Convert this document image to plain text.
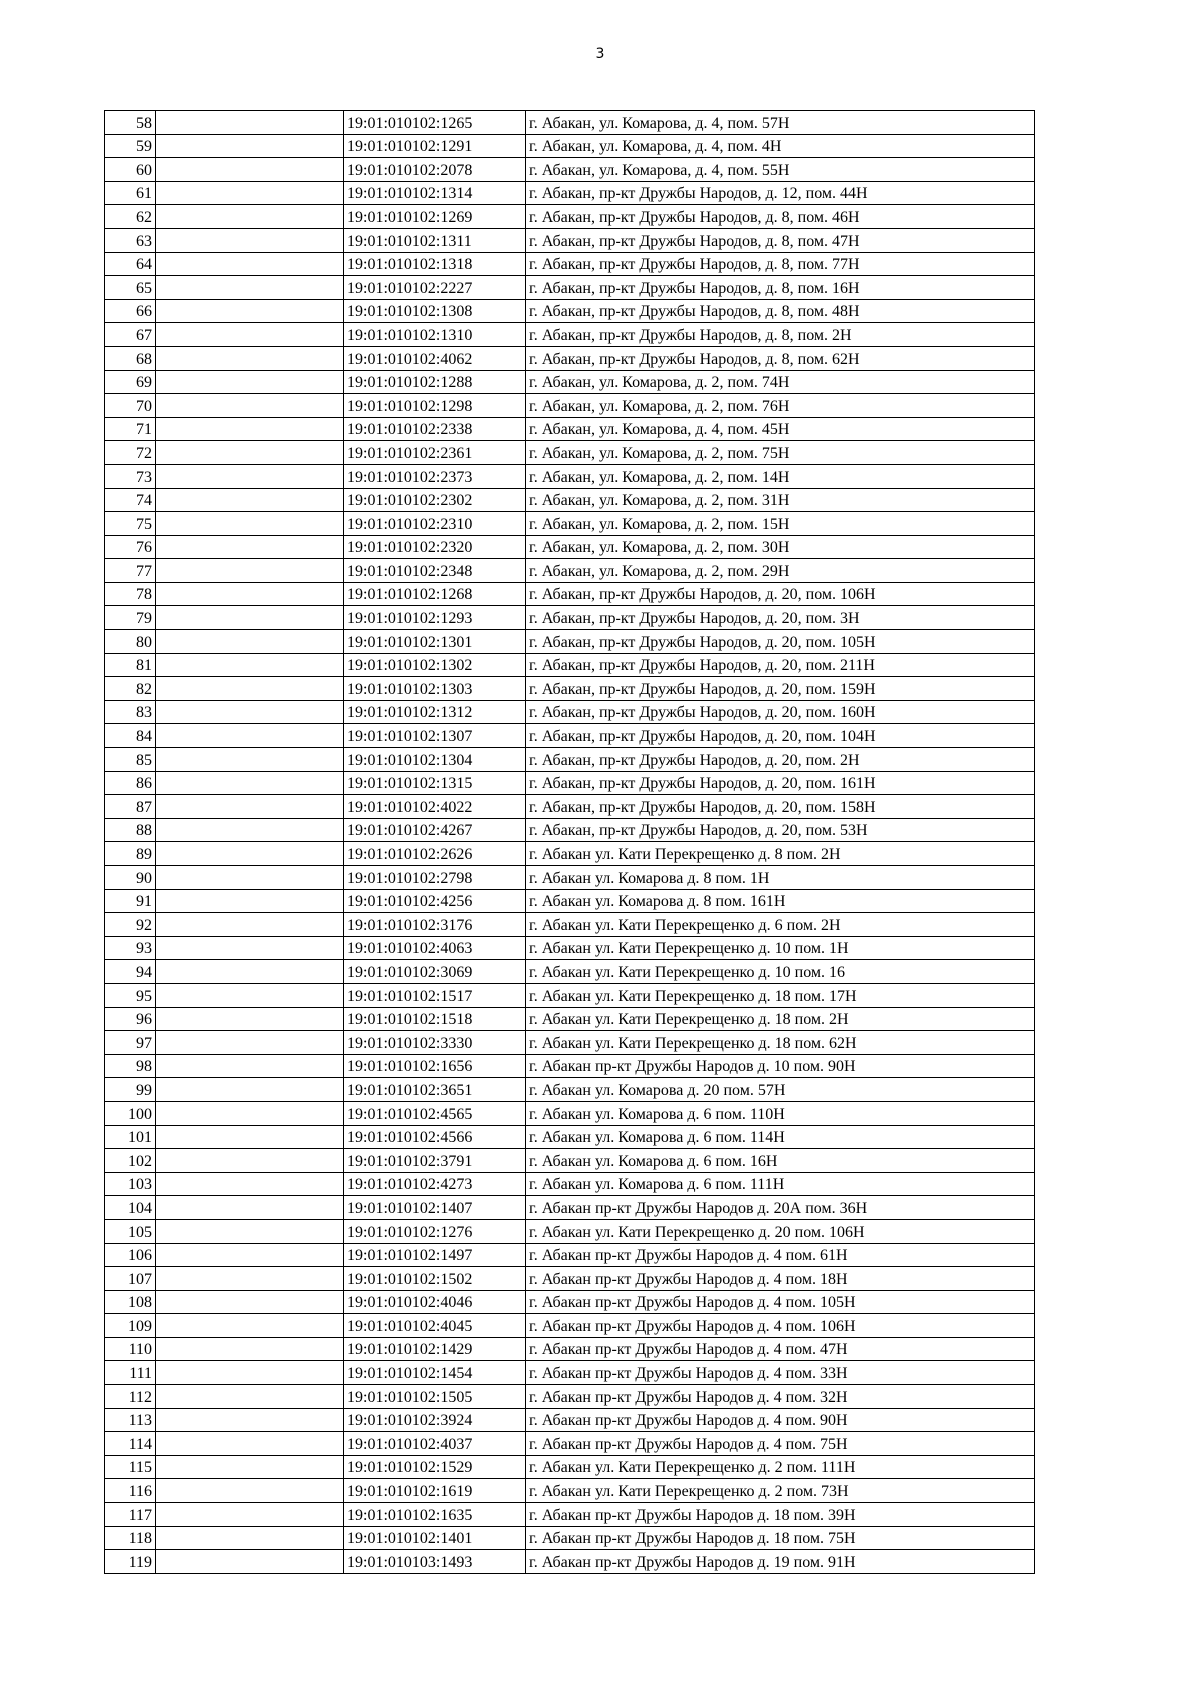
3
58		19:01:010102:1265	г. Абакан, ул. Комарова, д. 4, пом. 57Н
59		19:01:010102:1291	г. Абакан, ул. Комарова, д. 4, пом. 4Н
60		19:01:010102:2078	г. Абакан, ул. Комарова, д. 4, пом. 55Н
61		19:01:010102:1314	г. Абакан, пр-кт Дружбы Народов, д. 12, пом. 44Н
62		19:01:010102:1269	г. Абакан, пр-кт Дружбы Народов, д. 8, пом. 46Н
63		19:01:010102:1311	г. Абакан, пр-кт Дружбы Народов, д. 8, пом. 47Н
64		19:01:010102:1318	г. Абакан, пр-кт Дружбы Народов, д. 8, пом. 77Н
65		19:01:010102:2227	г. Абакан, пр-кт Дружбы Народов, д. 8, пом. 16Н
66		19:01:010102:1308	г. Абакан, пр-кт Дружбы Народов, д. 8, пом. 48Н
67		19:01:010102:1310	г. Абакан, пр-кт Дружбы Народов, д. 8, пом. 2Н
68		19:01:010102:4062	г. Абакан, пр-кт Дружбы Народов, д. 8, пом. 62Н
69		19:01:010102:1288	г. Абакан, ул. Комарова, д. 2, пом. 74Н
70		19:01:010102:1298	г. Абакан, ул. Комарова, д. 2, пом. 76Н
71		19:01:010102:2338	г. Абакан, ул. Комарова, д. 4, пом. 45Н
72		19:01:010102:2361	г. Абакан, ул. Комарова, д. 2, пом. 75Н
73		19:01:010102:2373	г. Абакан, ул. Комарова, д. 2, пом. 14Н
74		19:01:010102:2302	г. Абакан, ул. Комарова, д. 2, пом. 31Н
75		19:01:010102:2310	г. Абакан, ул. Комарова, д. 2, пом. 15Н
76		19:01:010102:2320	г. Абакан, ул. Комарова, д. 2, пом. 30Н
77		19:01:010102:2348	г. Абакан, ул. Комарова, д. 2, пом. 29Н
78		19:01:010102:1268	г. Абакан, пр-кт Дружбы Народов, д. 20, пом. 106Н
79		19:01:010102:1293	г. Абакан, пр-кт Дружбы Народов, д. 20, пом. 3Н
80		19:01:010102:1301	г. Абакан, пр-кт Дружбы Народов, д. 20, пом. 105Н
81		19:01:010102:1302	г. Абакан, пр-кт Дружбы Народов, д. 20, пом. 211Н
82		19:01:010102:1303	г. Абакан, пр-кт Дружбы Народов, д. 20, пом. 159Н
83		19:01:010102:1312	г. Абакан, пр-кт Дружбы Народов, д. 20, пом. 160Н
84		19:01:010102:1307	г. Абакан, пр-кт Дружбы Народов, д. 20, пом. 104Н
85		19:01:010102:1304	г. Абакан, пр-кт Дружбы Народов, д. 20, пом. 2Н
86		19:01:010102:1315	г. Абакан, пр-кт Дружбы Народов, д. 20, пом. 161Н
87		19:01:010102:4022	г. Абакан, пр-кт Дружбы Народов, д. 20, пом. 158Н
88		19:01:010102:4267	г. Абакан, пр-кт Дружбы Народов, д. 20, пом. 53Н
89		19:01:010102:2626	г. Абакан ул. Кати Перекрещенко д. 8 пом. 2Н
90		19:01:010102:2798	г. Абакан ул. Комарова д. 8 пом. 1Н
91		19:01:010102:4256	г. Абакан ул. Комарова д. 8 пом. 161Н
92		19:01:010102:3176	г. Абакан ул. Кати Перекрещенко д. 6 пом. 2Н
93		19:01:010102:4063	г. Абакан ул. Кати Перекрещенко д. 10 пом. 1Н
94		19:01:010102:3069	г. Абакан ул. Кати Перекрещенко д. 10 пом. 16
95		19:01:010102:1517	г. Абакан ул. Кати Перекрещенко д. 18 пом. 17Н
96		19:01:010102:1518	г. Абакан ул. Кати Перекрещенко д. 18 пом. 2Н
97		19:01:010102:3330	г. Абакан ул. Кати Перекрещенко д. 18 пом. 62Н
98		19:01:010102:1656	г. Абакан пр-кт Дружбы Народов д. 10 пом. 90Н
99		19:01:010102:3651	г. Абакан ул. Комарова д. 20 пом. 57Н
100		19:01:010102:4565	г. Абакан ул. Комарова д. 6 пом. 110Н
101		19:01:010102:4566	г. Абакан ул. Комарова д. 6 пом. 114Н
102		19:01:010102:3791	г. Абакан ул. Комарова д. 6 пом. 16Н
103		19:01:010102:4273	г. Абакан ул. Комарова д. 6 пом. 111Н
104		19:01:010102:1407	г. Абакан пр-кт Дружбы Народов д. 20А пом. 36Н
105		19:01:010102:1276	г. Абакан ул. Кати Перекрещенко д. 20 пом. 106Н
106		19:01:010102:1497	г. Абакан пр-кт Дружбы Народов д. 4 пом. 61Н
107		19:01:010102:1502	г. Абакан пр-кт Дружбы Народов д. 4 пом. 18Н
108		19:01:010102:4046	г. Абакан пр-кт Дружбы Народов д. 4 пом. 105Н
109		19:01:010102:4045	г. Абакан пр-кт Дружбы Народов д. 4 пом. 106Н
110		19:01:010102:1429	г. Абакан пр-кт Дружбы Народов д. 4 пом. 47Н
111		19:01:010102:1454	г. Абакан пр-кт Дружбы Народов д. 4 пом. 33Н
112		19:01:010102:1505	г. Абакан пр-кт Дружбы Народов д. 4 пом. 32Н
113		19:01:010102:3924	г. Абакан пр-кт Дружбы Народов д. 4 пом. 90Н
114		19:01:010102:4037	г. Абакан пр-кт Дружбы Народов д. 4 пом. 75Н
115		19:01:010102:1529	г. Абакан ул. Кати Перекрещенко д. 2 пом. 111Н
116		19:01:010102:1619	г. Абакан ул. Кати Перекрещенко д. 2 пом. 73Н
117		19:01:010102:1635	г. Абакан пр-кт Дружбы Народов д. 18 пом. 39Н
118		19:01:010102:1401	г. Абакан пр-кт Дружбы Народов д. 18 пом. 75Н
119		19:01:010103:1493	г. Абакан пр-кт Дружбы Народов д. 19 пом. 91Н
